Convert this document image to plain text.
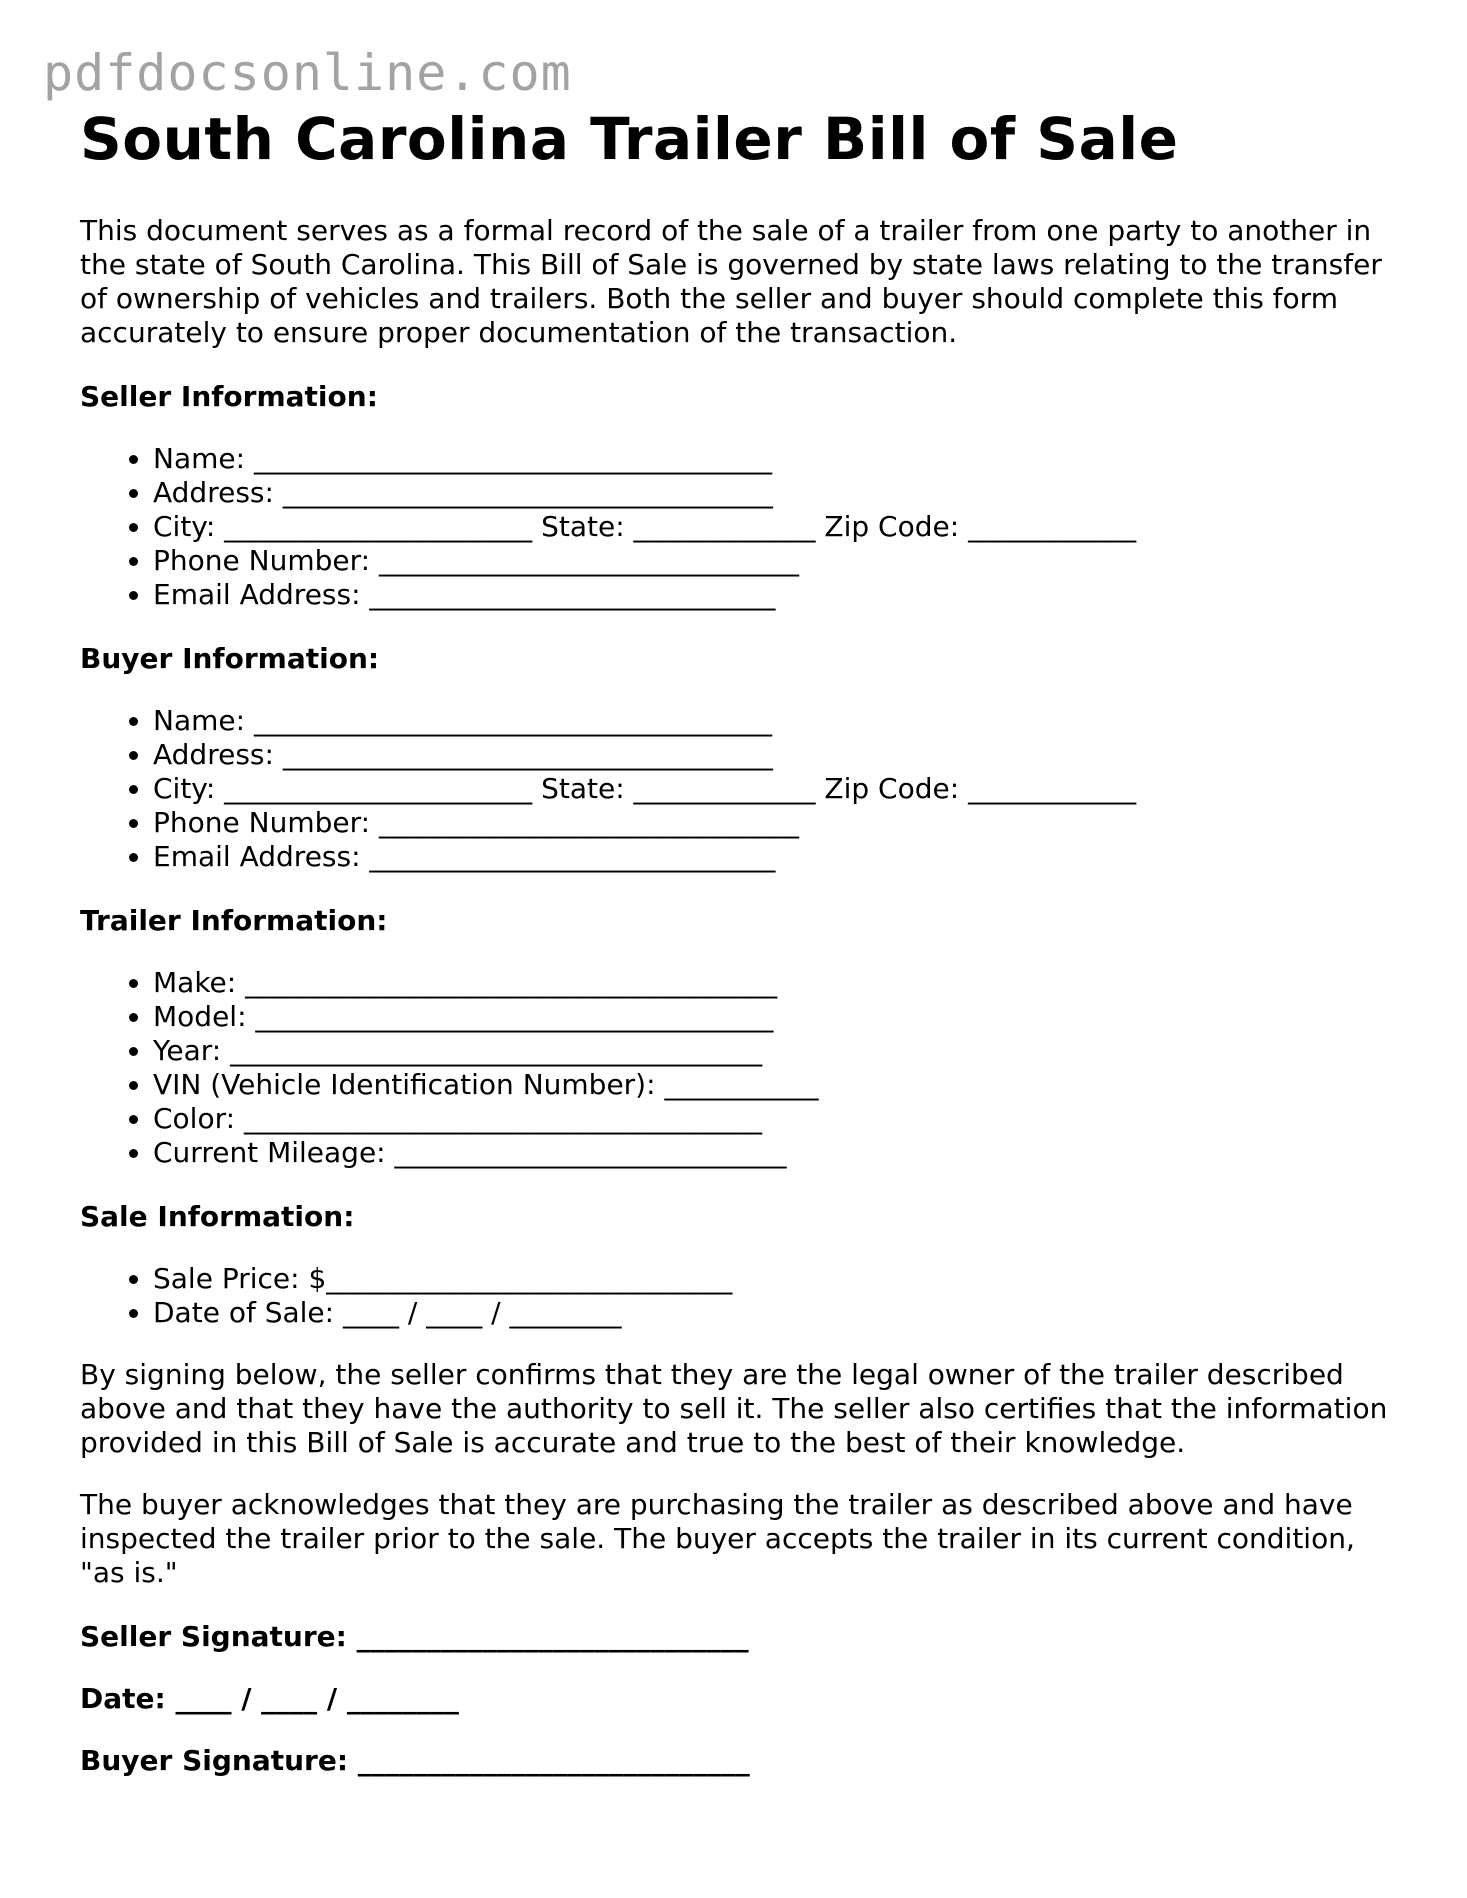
pdfdocsonline.com
South Carolina Trailer Bill of Sale

This document serves as a formal record of the sale of a trailer from one party to another in the state of South Carolina. This Bill of Sale is governed by state laws relating to the transfer of ownership of vehicles and trailers. Both the seller and buyer should complete this form accurately to ensure proper documentation of the transaction.

Seller Information:
• Name: _____________________________________
• Address: ___________________________________
• City: ______________________ State: _____________ Zip Code: ____________
• Phone Number: ______________________________
• Email Address: _____________________________
Buyer Information:
• Name: _____________________________________
• Address: ___________________________________
• City: ______________________ State: _____________ Zip Code: ____________
• Phone Number: ______________________________
• Email Address: _____________________________
Trailer Information:
• Make: ______________________________________
• Model: _____________________________________
• Year: ______________________________________
• VIN (Vehicle Identification Number): ___________
• Color: _____________________________________
• Current Mileage: ____________________________
Sale Information:
• Sale Price: $_____________________________
• Date of Sale: ____ / ____ / ________

By signing below, the seller confirms that they are the legal owner of the trailer described above and that they have the authority to sell it. The seller also certifies that the information provided in this Bill of Sale is accurate and true to the best of their knowledge.

The buyer acknowledges that they are purchasing the trailer as described above and have inspected the trailer prior to the sale. The buyer accepts the trailer in its current condition, "as is."

Seller Signature: ____________________________
Date: ____ / ____ / ________
Buyer Signature: ____________________________
